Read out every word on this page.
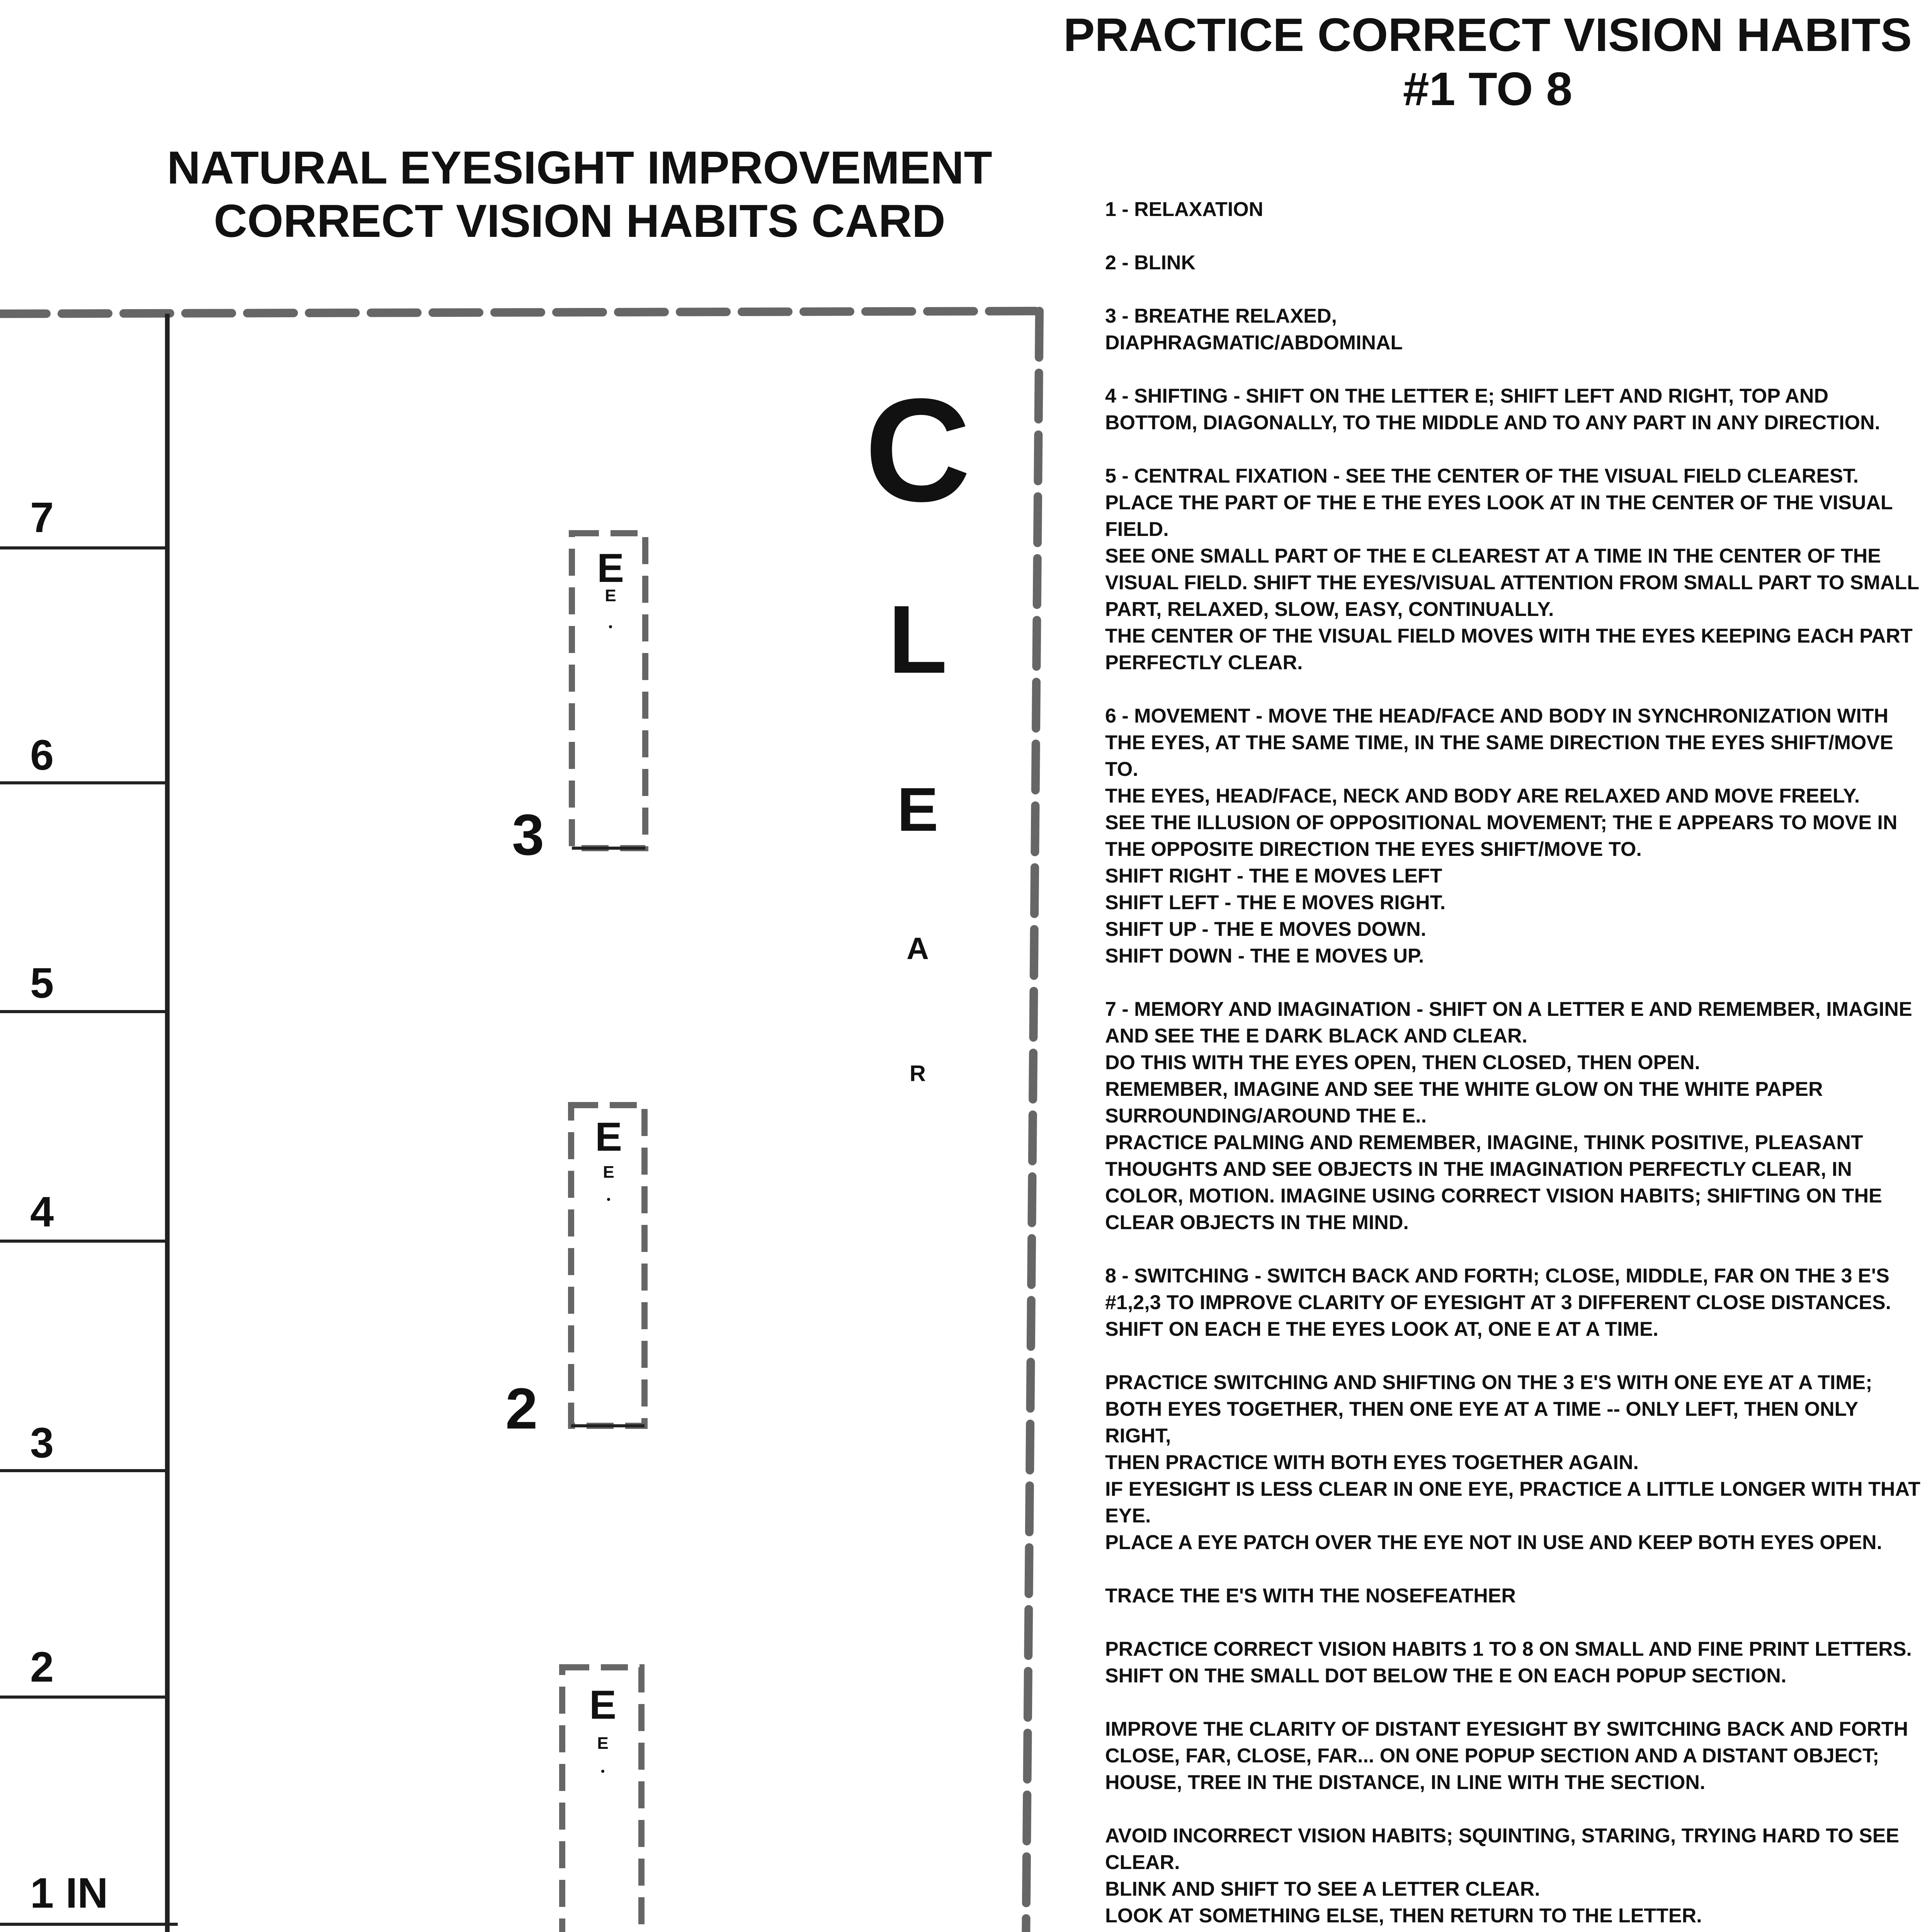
PRACTICE CORRECT VISION HABITS
#1 TO 8
NATURAL EYESIGHT IMPROVEMENT
CORRECT VISION HABITS CARD
7
6
5
4
3
2
1 IN
E
E
3
E
E
2
E
E
C
L
E
A
R

1 - RELAXATION

2 - BLINK

3 - BREATHE RELAXED,
DIAPHRAGMATIC/ABDOMINAL

4 - SHIFTING - SHIFT ON THE LETTER E; SHIFT LEFT AND RIGHT, TOP AND BOTTOM, DIAGONALLY, TO THE MIDDLE AND TO ANY PART IN ANY DIRECTION.

5 - CENTRAL FIXATION - SEE THE CENTER OF THE VISUAL FIELD CLEAREST. PLACE THE PART OF THE E THE EYES LOOK AT IN THE CENTER OF THE VISUAL FIELD.
SEE ONE SMALL PART OF THE E CLEAREST AT A TIME IN THE CENTER OF THE VISUAL FIELD. SHIFT THE EYES/VISUAL ATTENTION FROM SMALL PART TO SMALL PART, RELAXED, SLOW, EASY, CONTINUALLY.
THE CENTER OF THE VISUAL FIELD MOVES WITH THE EYES KEEPING EACH PART PERFECTLY CLEAR.

6 - MOVEMENT - MOVE THE HEAD/FACE AND BODY IN SYNCHRONIZATION WITH THE EYES, AT THE SAME TIME, IN THE SAME DIRECTION THE EYES SHIFT/MOVE TO.
THE EYES, HEAD/FACE, NECK AND BODY ARE RELAXED AND MOVE FREELY.
SEE THE ILLUSION OF OPPOSITIONAL MOVEMENT; THE E APPEARS TO MOVE IN THE OPPOSITE DIRECTION THE EYES SHIFT/MOVE TO.
SHIFT RIGHT - THE E MOVES LEFT
SHIFT LEFT - THE E MOVES RIGHT.
SHIFT UP - THE E MOVES DOWN.
SHIFT DOWN - THE E MOVES UP.

7 - MEMORY AND IMAGINATION - SHIFT ON A LETTER E AND REMEMBER, IMAGINE AND SEE THE E DARK BLACK AND CLEAR.
DO THIS WITH THE EYES OPEN, THEN CLOSED, THEN OPEN.
REMEMBER, IMAGINE AND SEE THE WHITE GLOW ON THE WHITE PAPER SURROUNDING/AROUND THE E..
PRACTICE PALMING AND REMEMBER, IMAGINE, THINK POSITIVE, PLEASANT THOUGHTS AND SEE OBJECTS IN THE IMAGINATION PERFECTLY CLEAR, IN COLOR, MOTION. IMAGINE USING CORRECT VISION HABITS; SHIFTING ON THE CLEAR OBJECTS IN THE MIND.

8 - SWITCHING - SWITCH BACK AND FORTH; CLOSE, MIDDLE, FAR ON THE 3 E'S #1,2,3 TO IMPROVE CLARITY OF EYESIGHT AT 3 DIFFERENT CLOSE DISTANCES.
SHIFT ON EACH E THE EYES LOOK AT, ONE E AT A TIME.

PRACTICE SWITCHING AND SHIFTING ON THE 3 E'S WITH ONE EYE AT A TIME;
BOTH EYES TOGETHER, THEN ONE EYE AT A TIME -- ONLY LEFT, THEN ONLY RIGHT,
THEN PRACTICE WITH BOTH EYES TOGETHER AGAIN.
IF EYESIGHT IS LESS CLEAR IN ONE EYE, PRACTICE A LITTLE LONGER WITH THAT EYE.
PLACE A EYE PATCH OVER THE EYE NOT IN USE AND KEEP BOTH EYES OPEN.

TRACE THE E'S WITH THE NOSEFEATHER

PRACTICE CORRECT VISION HABITS 1 TO 8 ON SMALL AND FINE PRINT LETTERS.
SHIFT ON THE SMALL DOT BELOW THE E ON EACH POPUP SECTION.

IMPROVE THE CLARITY OF DISTANT EYESIGHT BY SWITCHING BACK AND FORTH CLOSE, FAR, CLOSE, FAR... ON ONE POPUP SECTION AND A DISTANT OBJECT; HOUSE, TREE IN THE DISTANCE, IN LINE WITH THE SECTION.

AVOID INCORRECT VISION HABITS; SQUINTING, STARING, TRYING HARD TO SEE CLEAR.
BLINK AND SHIFT TO SEE A LETTER CLEAR.
LOOK AT SOMETHING ELSE, THEN RETURN TO THE LETTER.
